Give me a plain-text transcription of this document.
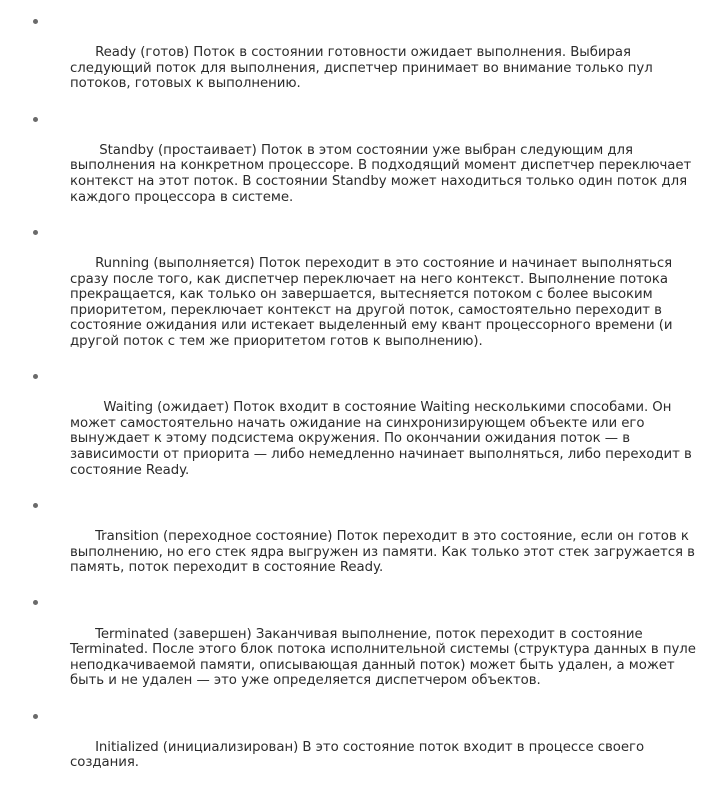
Ready (готов) Поток в состоянии готовности ожидает выполнения. Выбирая следующий поток для выполнения, диспетчер принимает во внимание только пул потоков, готовых к выполнению.

Standby (простаивает) Поток в этом состоянии уже выбран следующим для выполнения на конкретном процессоре. В подходящий момент диспетчер переключает контекст на этот поток. В состоянии Standby может находиться только один поток для каждого процессора в системе.

Running (выполняется) Поток переходит в это состояние и начинает выполняться сразу после того, как диспетчер переключает на него контекст. Выполнение потока прекращается, как только он завершается, вытесняется потоком с более высоким приоритетом, переключает контекст на другой поток, самостоятельно переходит в состояние ожидания или истекает выделенный ему квант процессорного времени (и другой поток с тем же приоритетом готов к выполнению).

Waiting (ожидает) Поток входит в состояние Waiting несколькими способами. Он может самостоятельно начать ожидание на синхронизирующем объекте или его вынуждает к этому подсистема окружения. По окончании ожидания поток — в зависимости от приорита — либо немедленно начинает выполняться, либо переходит в состояние Ready.

Transition (переходное состояние) Поток переходит в это состояние, если он готов к выполнению, но его стек ядра выгружен из памяти. Как только этот стек загружается в память, поток переходит в состояние Ready.

Terminated (завершен) Заканчивая выполнение, поток переходит в состояние Terminated. После этого блок потока исполнительной системы (структура данных в пуле неподкачиваемой памяти, описывающая данный поток) может быть удален, а может быть и не удален — это уже определяется диспетчером объектов.

Initialized (инициализирован) В это состояние поток входит в процессе своего создания.
